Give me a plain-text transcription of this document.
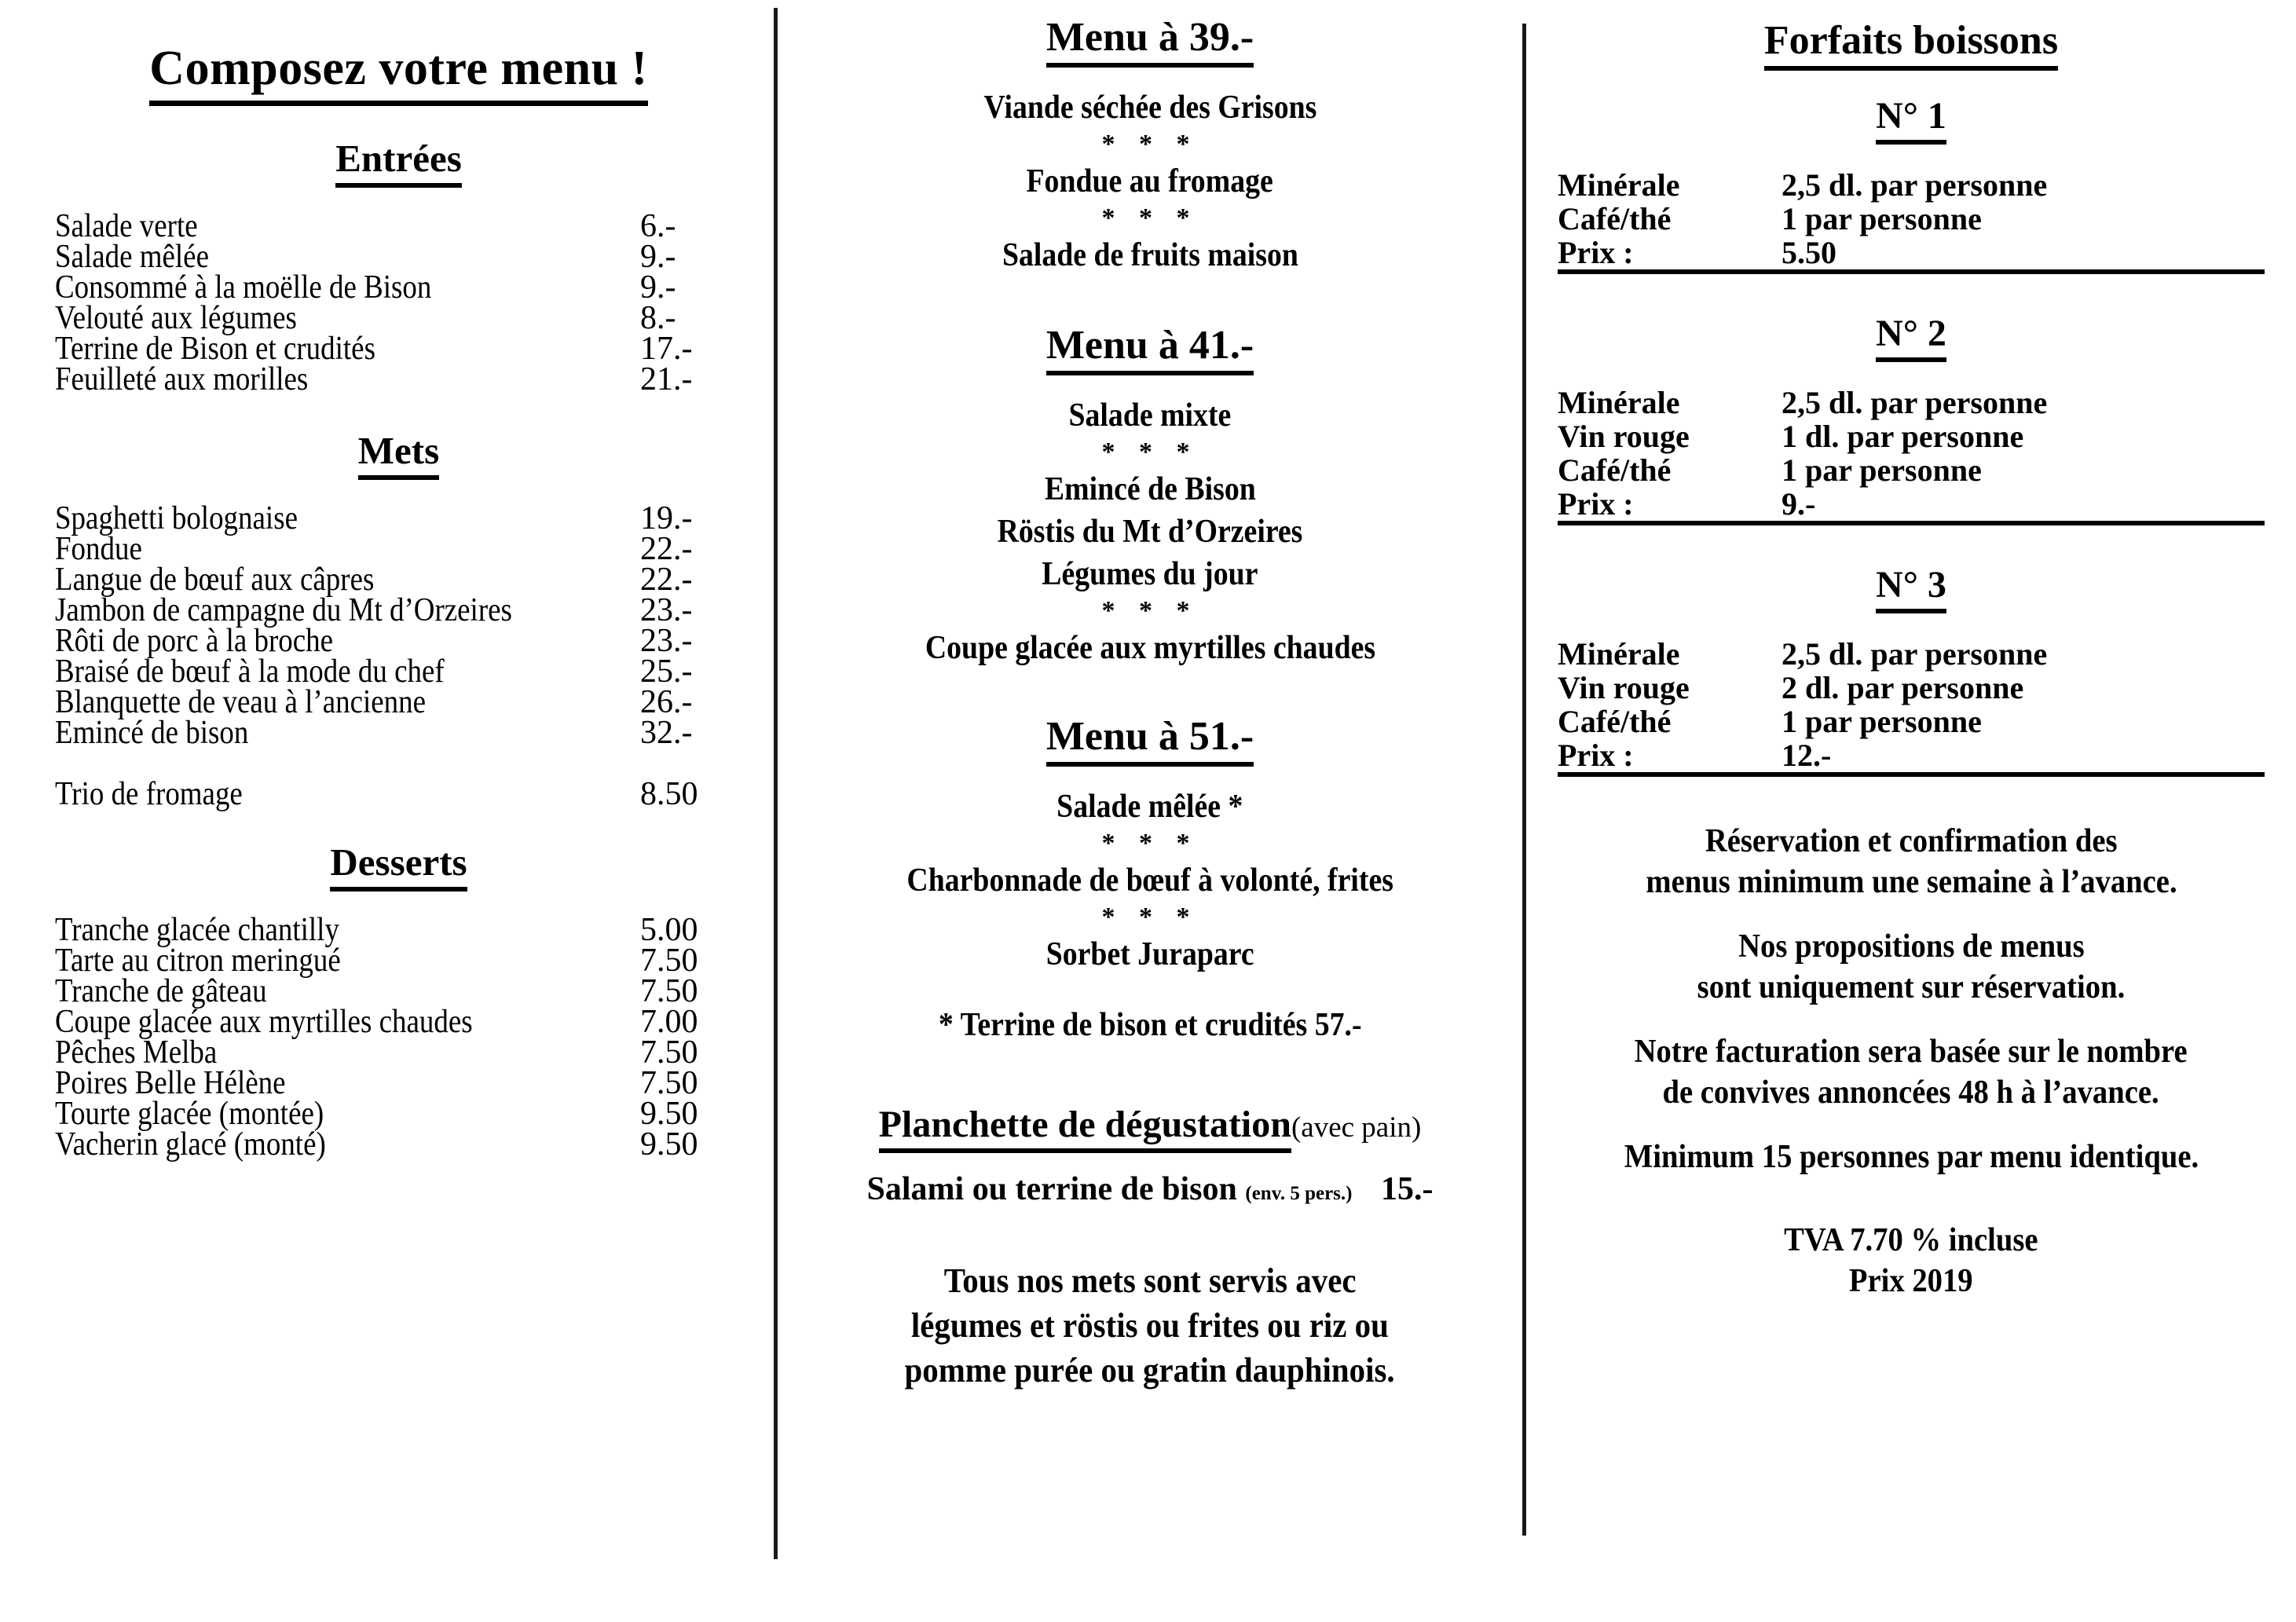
Composez votre menu !
Entrées
Salade verte	6.-
Salade mêlée	9.-
Consommé à la moëlle de Bison	9.-
Velouté aux légumes	8.-
Terrine de Bison et crudités	17.-
Feuilleté aux morilles	21.-
Mets
Spaghetti bolognaise	19.-
Fondue	22.-
Langue de bœuf aux câpres	22.-
Jambon de campagne du Mt d’Orzeires	23.-
Rôti de porc à la broche	23.-
Braisé de bœuf à la mode du chef	25.-
Blanquette de veau à l’ancienne	26.-
Emincé de bison	32.-
Trio de fromage	8.50
Desserts
Tranche glacée chantilly	5.00
Tarte au citron meringué	7.50
Tranche de gâteau	7.50
Coupe glacée aux myrtilles chaudes	7.00
Pêches Melba	7.50
Poires Belle Hélène	7.50
Tourte glacée (montée)	9.50
Vacherin glacé (monté)	9.50
Menu à 39.-
Viande séchée des Grisons
* * *
Fondue au fromage
* * *
Salade de fruits maison
Menu à 41.-
Salade mixte
* * *
Emincé de Bison
Röstis du Mt d’Orzeires
Légumes du jour
* * *
Coupe glacée aux myrtilles chaudes
Menu à 51.-
Salade mêlée *
* * *
Charbonnade de bœuf à volonté, frites
* * *
Sorbet Juraparc
* Terrine de bison et crudités 57.-
Planchette de dégustation(avec pain)
Salami ou terrine de bison (env. 5 pers.) 15.-
Tous nos mets sont servis avec
légumes et röstis ou frites ou riz ou
pomme purée ou gratin dauphinois.
Forfaits boissons
N° 1
Minérale	2,5 dl. par personne
Café/thé	1 par personne
Prix :	5.50
N° 2
Minérale	2,5 dl. par personne
Vin rouge	1 dl. par personne
Café/thé	1 par personne
Prix :	9.-
N° 3
Minérale	2,5 dl. par personne
Vin rouge	2 dl. par personne
Café/thé	1 par personne
Prix :	12.-
Réservation et confirmation des
menus minimum une semaine à l’avance.
Nos propositions de menus
sont uniquement sur réservation.
Notre facturation sera basée sur le nombre
de convives annoncées 48 h à l’avance.
Minimum 15 personnes par menu identique.
TVA 7.70 % incluse
Prix 2019
